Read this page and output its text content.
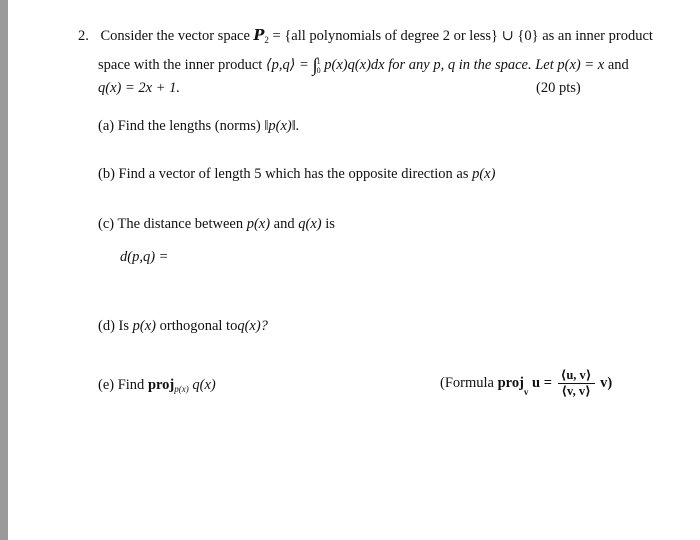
2. Consider the vector space $P_2 = \{all$ polynomials of degree 2 or less} ∪ {0} as an inner product
space with the inner product ⟨p,q⟩ = ∫ 1
0 p(x)q(x)dx for any p, q in the space. Let p(x) = x and
q(x) = 2x + 1.	(20 pts)
(a) Find the lengths (norms) ‖p(x)‖.
(b) Find a vector of length 5 which has the opposite direction as p(x)
(c) The distance between p(x) and q(x) is
d(p,q) =
(d) Is p(x) orthogonal toq(x)?
(e) Find proj$_{p(x)}$ q(x)	(Formula proj$_v$ $u = \frac{⟨u, v⟩}{⟨v, v⟩} v$)
